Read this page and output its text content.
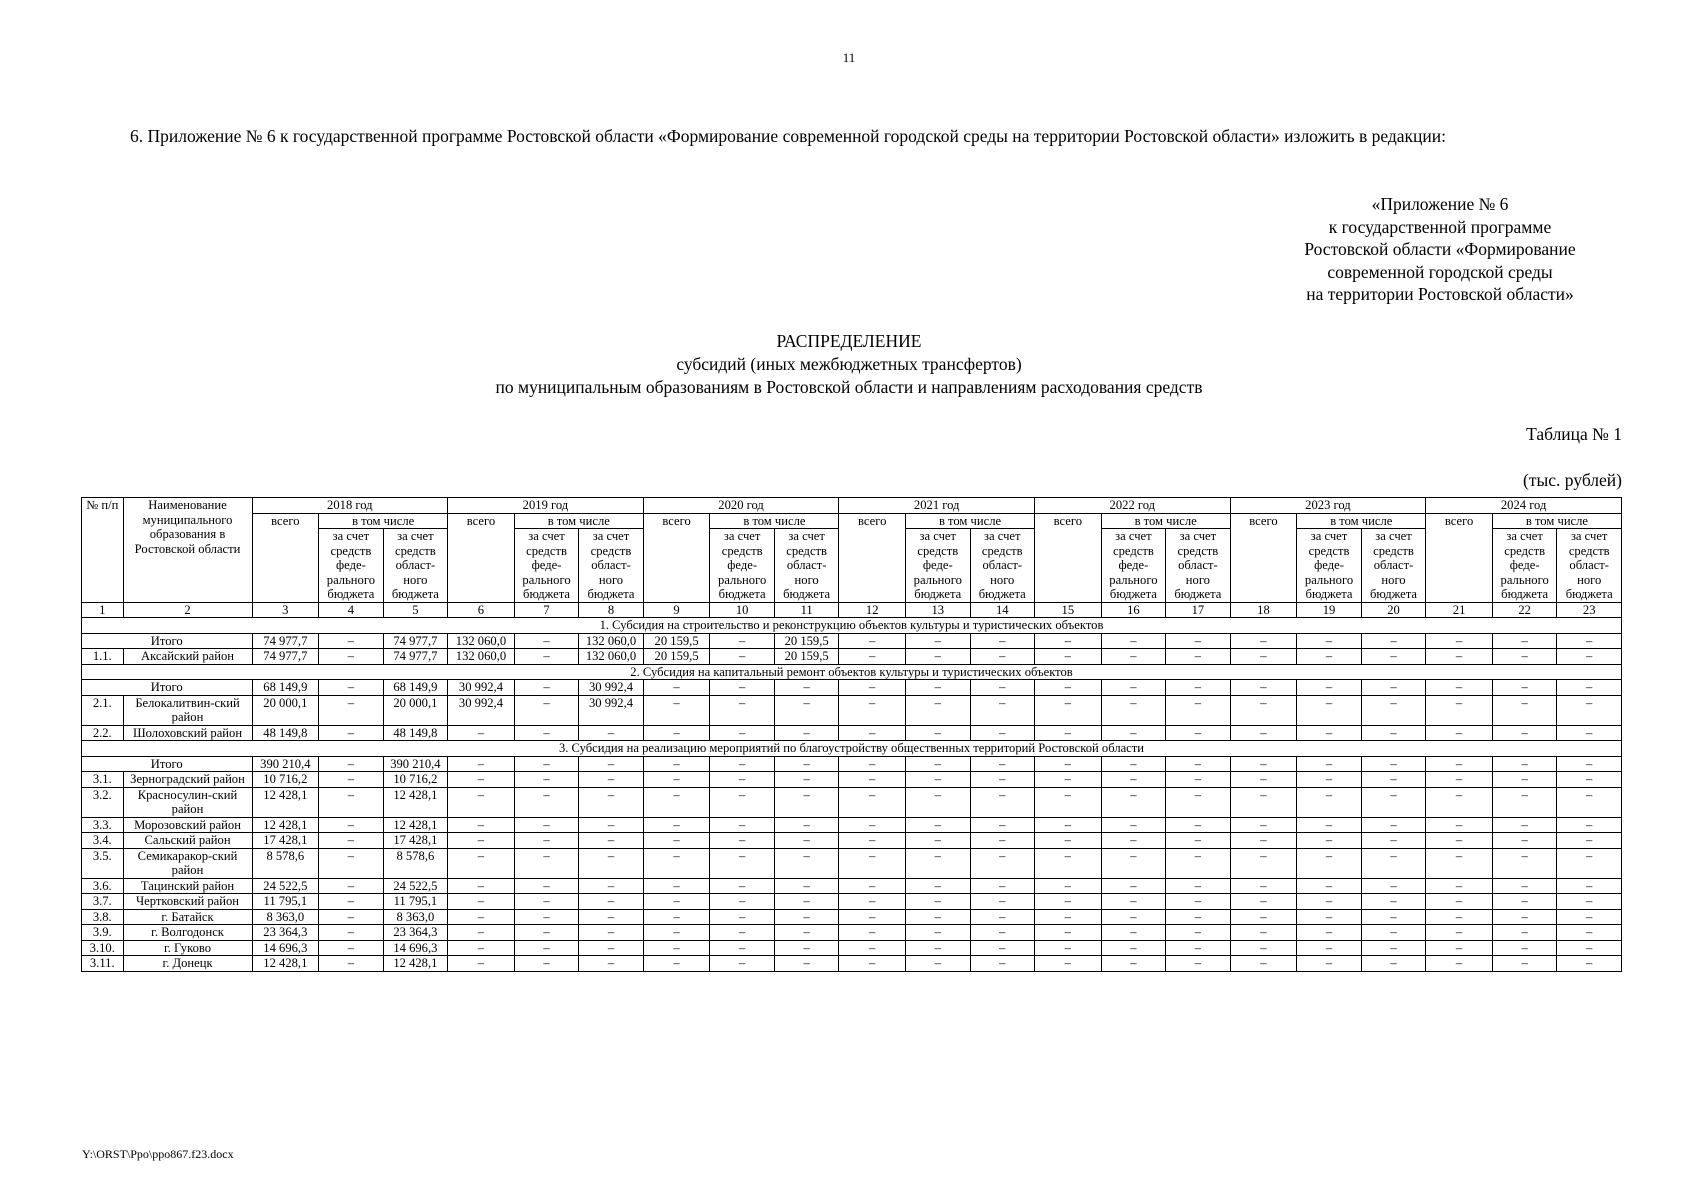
11
6. Приложение № 6 к государственной программе Ростовской области «Формирование современной городской среды на территории Ростовской области» изложить в редакции:
«Приложение № 6
к государственной программе
Ростовской области «Формирование
современной городской среды
на территории Ростовской области»
РАСПРЕДЕЛЕНИЕ
субсидий (иных межбюджетных трансфертов)
по муниципальным образованиям в Ростовской области и направлениям расходования средств
Таблица № 1
(тыс. рублей)
№ п/п	Наименование муниципального образования в Ростовской области	2018 год			2019 год			2020 год			2021 год			2022 год			2023 год			2024 год		
		всего	в том числе		всего	в том числе		всего	в том числе		всего	в том числе		всего	в том числе		всего	в том числе		всего	в том числе	
			за счет средств феде-рального бюджета	за счет средств област-ного бюджета		за счет средств феде-рального бюджета	за счет средств област-ного бюджета		за счет средств феде-рального бюджета	за счет средств област-ного бюджета		за счет средств феде-рального бюджета	за счет средств област-ного бюджета		за счет средств феде-рального бюджета	за счет средств област-ного бюджета		за счет средств феде-рального бюджета	за счет средств област-ного бюджета		за счет средств феде-рального бюджета	за счет средств област-ного бюджета
1	2	3	4	5	6	7	8	9	10	11	12	13	14	15	16	17	18	19	20	21	22	23
1. Субсидия на строительство и реконструкцию объектов культуры и туристических объектов																						
Итого		74 977,7	–	74 977,7	132 060,0	–	132 060,0	20 159,5	–	20 159,5	–	–	–	–	–	–	–	–	–	–	–	–
1.1.	Аксайский район	74 977,7	–	74 977,7	132 060,0	–	132 060,0	20 159,5	–	20 159,5	–	–	–	–	–	–	–	–	–	–	–	–
2. Субсидия на капитальный ремонт объектов культуры и туристических объектов																						
Итого		68 149,9	–	68 149,9	30 992,4	–	30 992,4	–	–	–	–	–	–	–	–	–	–	–	–	–	–	–
2.1.	Белокалитвин-ский район	20 000,1	–	20 000,1	30 992,4	–	30 992,4	–	–	–	–	–	–	–	–	–	–	–	–	–	–	–
2.2.	Шолоховский район	48 149,8	–	48 149,8	–	–	–	–	–	–	–	–	–	–	–	–	–	–	–	–	–	–
3. Субсидия на реализацию мероприятий по благоустройству общественных территорий Ростовской области																						
Итого		390 210,4	–	390 210,4	–	–	–	–	–	–	–	–	–	–	–	–	–	–	–	–	–	–
3.1.	Зерноградский район	10 716,2	–	10 716,2	–	–	–	–	–	–	–	–	–	–	–	–	–	–	–	–	–	–
3.2.	Красносулин-ский район	12 428,1	–	12 428,1	–	–	–	–	–	–	–	–	–	–	–	–	–	–	–	–	–	–
3.3.	Морозовский район	12 428,1	–	12 428,1	–	–	–	–	–	–	–	–	–	–	–	–	–	–	–	–	–	–
3.4.	Сальский район	17 428,1	–	17 428,1	–	–	–	–	–	–	–	–	–	–	–	–	–	–	–	–	–	–
3.5.	Семикаракор-ский район	8 578,6	–	8 578,6	–	–	–	–	–	–	–	–	–	–	–	–	–	–	–	–	–	–
3.6.	Тацинский район	24 522,5	–	24 522,5	–	–	–	–	–	–	–	–	–	–	–	–	–	–	–	–	–	–
3.7.	Чертковский район	11 795,1	–	11 795,1	–	–	–	–	–	–	–	–	–	–	–	–	–	–	–	–	–	–
3.8.	г. Батайск	8 363,0	–	8 363,0	–	–	–	–	–	–	–	–	–	–	–	–	–	–	–	–	–	–
3.9.	г. Волгодонск	23 364,3	–	23 364,3	–	–	–	–	–	–	–	–	–	–	–	–	–	–	–	–	–	–
3.10.	г. Гуково	14 696,3	–	14 696,3	–	–	–	–	–	–	–	–	–	–	–	–	–	–	–	–	–	–
3.11.	г. Донецк	12 428,1	–	12 428,1	–	–	–	–	–	–	–	–	–	–	–	–	–	–	–	–	–	–
Y:\ORST\Ppo\ppo867.f23.docx
